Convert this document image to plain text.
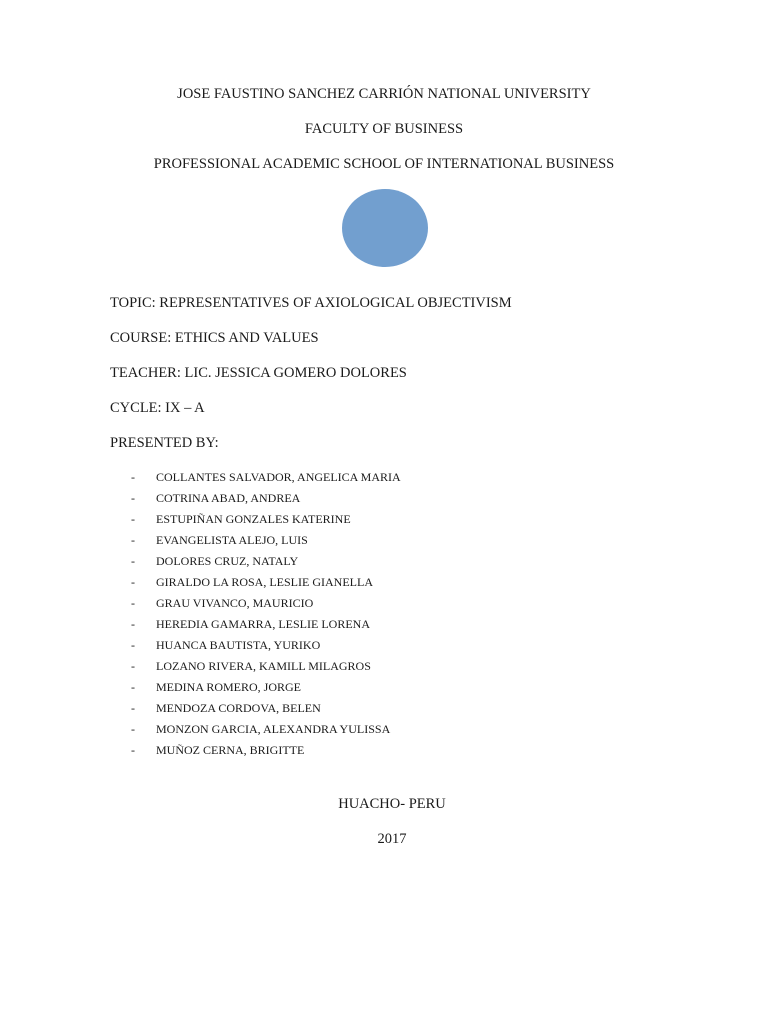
JOSE FAUSTINO SANCHEZ CARRIÓN NATIONAL UNIVERSITY
FACULTY OF BUSINESS
PROFESSIONAL ACADEMIC SCHOOL OF INTERNATIONAL BUSINESS
TOPIC: REPRESENTATIVES OF AXIOLOGICAL OBJECTIVISM
COURSE: ETHICS AND VALUES
TEACHER: LIC. JESSICA GOMERO DOLORES
CYCLE: IX – A
PRESENTED BY:
- COLLANTES SALVADOR, ANGELICA MARIA
- COTRINA ABAD, ANDREA
- ESTUPIÑAN GONZALES KATERINE
- EVANGELISTA ALEJO, LUIS
- DOLORES CRUZ, NATALY
- GIRALDO LA ROSA, LESLIE GIANELLA
- GRAU VIVANCO, MAURICIO
- HEREDIA GAMARRA, LESLIE LORENA
- HUANCA BAUTISTA, YURIKO
- LOZANO RIVERA, KAMILL MILAGROS
- MEDINA ROMERO, JORGE
- MENDOZA CORDOVA, BELEN
- MONZON GARCIA, ALEXANDRA YULISSA
- MUÑOZ CERNA, BRIGITTE
HUACHO- PERU
2017
